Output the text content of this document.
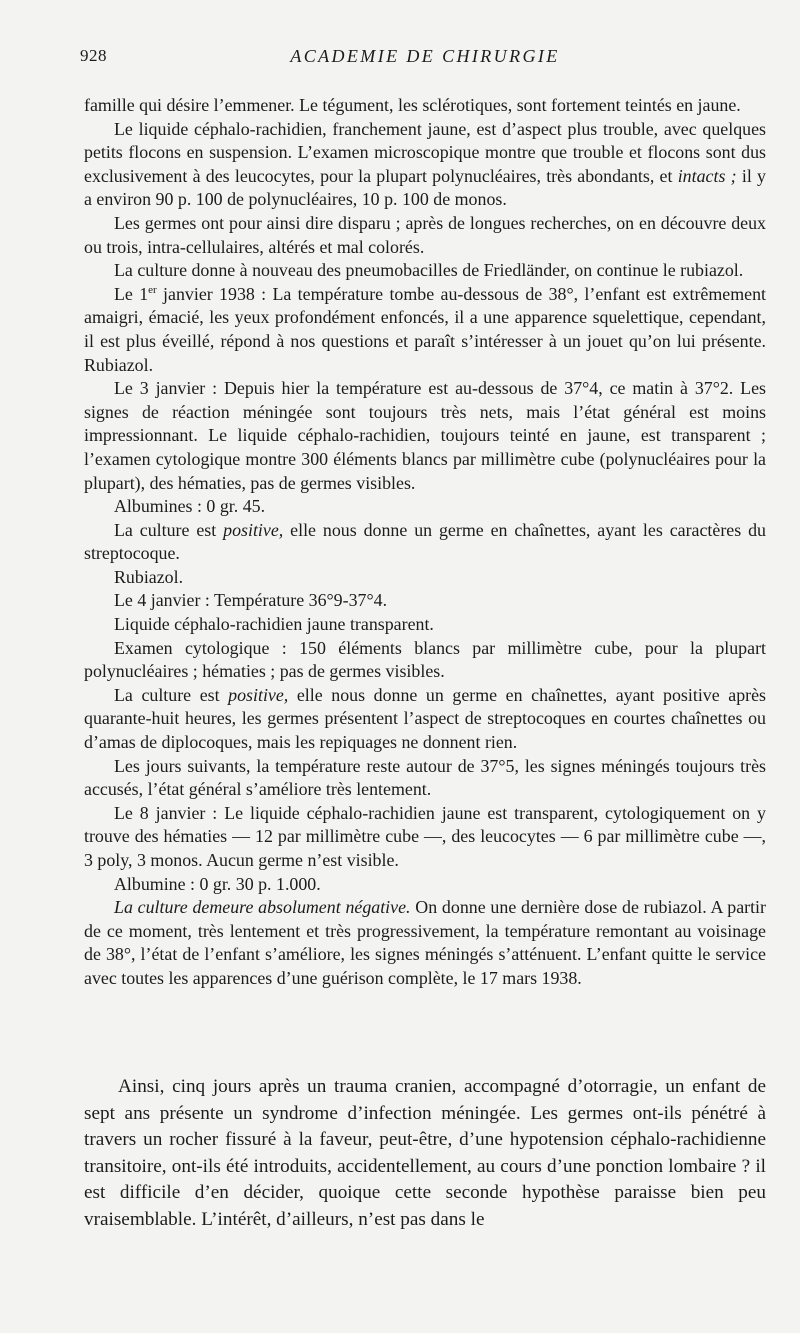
928	ACADEMIE DE CHIRURGIE

famille qui désire l’emmener. Le tégument, les sclérotiques, sont fortement teintés en jaune.

Le liquide céphalo-rachidien, franchement jaune, est d’aspect plus trouble, avec quelques petits flocons en suspension. L’examen microscopique montre que trouble et flocons sont dus exclusivement à des leucocytes, pour la plupart polynucléaires, très abondants, et intacts ; il y a environ 90 p. 100 de polynucléaires, 10 p. 100 de monos.

Les germes ont pour ainsi dire disparu ; après de longues recherches, on en découvre deux ou trois, intra-cellulaires, altérés et mal colorés.

La culture donne à nouveau des pneumobacilles de Friedländer, on continue le rubiazol.

Le 1er janvier 1938 : La température tombe au-dessous de 38°, l’enfant est extrêmement amaigri, émacié, les yeux profondément enfoncés, il a une apparence squelettique, cependant, il est plus éveillé, répond à nos questions et paraît s’intéresser à un jouet qu’on lui présente. Rubiazol.

Le 3 janvier : Depuis hier la température est au-dessous de 37°4, ce matin à 37°2. Les signes de réaction méningée sont toujours très nets, mais l’état général est moins impressionnant. Le liquide céphalo-rachidien, toujours teinté en jaune, est transparent ; l’examen cytologique montre 300 éléments blancs par millimètre cube (polynucléaires pour la plupart), des hématies, pas de germes visibles.

Albumines : 0 gr. 45.

La culture est positive, elle nous donne un germe en chaînettes, ayant les caractères du streptocoque.

Rubiazol.

Le 4 janvier : Température 36°9-37°4.

Liquide céphalo-rachidien jaune transparent.

Examen cytologique : 150 éléments blancs par millimètre cube, pour la plupart polynucléaires ; hématies ; pas de germes visibles.

La culture est positive, elle nous donne un germe en chaînettes, ayant positive après quarante-huit heures, les germes présentent l’aspect de streptocoques en courtes chaînettes ou d’amas de diplocoques, mais les repiquages ne donnent rien.

Les jours suivants, la température reste autour de 37°5, les signes méningés toujours très accusés, l’état général s’améliore très lentement.

Le 8 janvier : Le liquide céphalo-rachidien jaune est transparent, cytologiquement on y trouve des hématies — 12 par millimètre cube —, des leucocytes — 6 par millimètre cube —, 3 poly, 3 monos. Aucun germe n’est visible.

Albumine : 0 gr. 30 p. 1.000.

La culture demeure absolument négative. On donne une dernière dose de rubiazol. A partir de ce moment, très lentement et très progressivement, la température remontant au voisinage de 38°, l’état de l’enfant s’améliore, les signes méningés s’atténuent. L’enfant quitte le service avec toutes les apparences d’une guérison complète, le 17 mars 1938.

Ainsi, cinq jours après un trauma cranien, accompagné d’otorragie, un enfant de sept ans présente un syndrome d’infection méningée. Les germes ont-ils pénétré à travers un rocher fissuré à la faveur, peut-être, d’une hypotension céphalo-rachidienne transitoire, ont-ils été introduits, accidentellement, au cours d’une ponction lombaire ? il est difficile d’en décider, quoique cette seconde hypothèse paraisse bien peu vraisemblable. L’intérêt, d’ailleurs, n’est pas dans le
